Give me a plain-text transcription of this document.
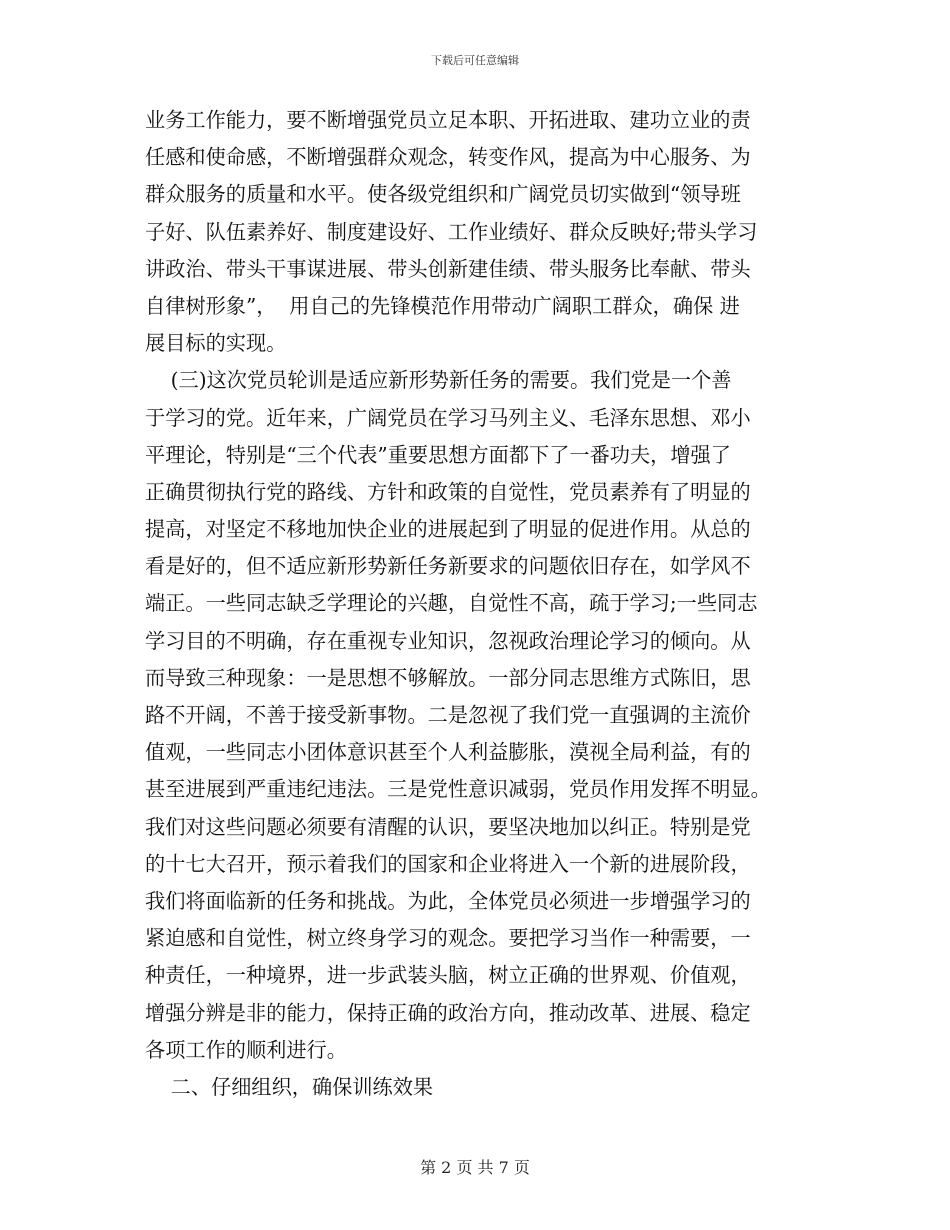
下载后可任意编辑
业务工作能力，要不断增强党员立足本职、开拓进取、建功立业的责
任感和使命感，不断增强群众观念，转变作风，提高为中心服务、为
群众服务的质量和水平。使各级党组织和广阔党员切实做到“领导班
子好、队伍素养好、制度建设好、工作业绩好、群众反映好;带头学习
讲政治、带头干事谋进展、带头创新建佳绩、带头服务比奉献、带头
自律树形象”，  用自己的先锋模范作用带动广阔职工群众，确保 进
展目标的实现。
(三)这次党员轮训是适应新形势新任务的需要。我们党是一个善
于学习的党。近年来，广阔党员在学习马列主义、毛泽东思想、邓小
平理论，特别是“三个代表”重要思想方面都下了一番功夫，增强了
正确贯彻执行党的路线、方针和政策的自觉性，党员素养有了明显的
提高，对坚定不移地加快企业的进展起到了明显的促进作用。从总的
看是好的，但不适应新形势新任务新要求的问题依旧存在，如学风不
端正。一些同志缺乏学理论的兴趣，自觉性不高，疏于学习;一些同志
学习目的不明确，存在重视专业知识，忽视政治理论学习的倾向。从
而导致三种现象：一是思想不够解放。一部分同志思维方式陈旧，思
路不开阔，不善于接受新事物。二是忽视了我们党一直强调的主流价
值观，一些同志小团体意识甚至个人利益膨胀，漠视全局利益，有的
甚至进展到严重违纪违法。三是党性意识减弱，党员作用发挥不明显。
我们对这些问题必须要有清醒的认识，要坚决地加以纠正。特别是党
的十七大召开，预示着我们的国家和企业将进入一个新的进展阶段，
我们将面临新的任务和挑战。为此，全体党员必须进一步增强学习的
紧迫感和自觉性，树立终身学习的观念。要把学习当作一种需要，一
种责任，一种境界，进一步武装头脑，树立正确的世界观、价值观，
增强分辨是非的能力，保持正确的政治方向，推动改革、进展、稳定
各项工作的顺利进行。
二、仔细组织，确保训练效果
第 2 页 共 7 页
